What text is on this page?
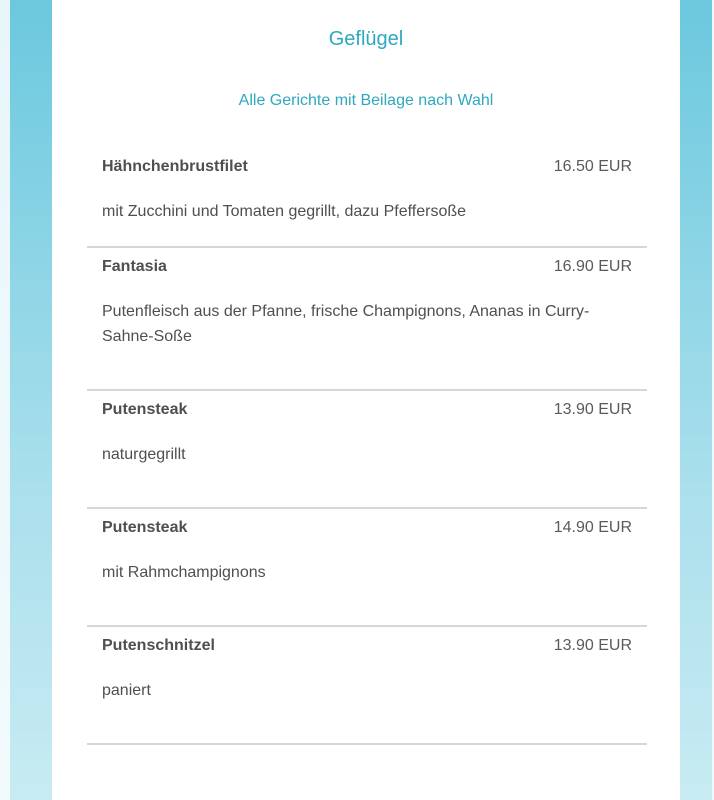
Geflügel
Alle Gerichte mit Beilage nach Wahl
Hähnchenbrustfilet	16.50 EUR
mit Zucchini und Tomaten gegrillt, dazu Pfeffersoße
Fantasia	16.90 EUR
Putenfleisch aus der Pfanne, frische Champignons, Ananas in Curry-Sahne-Soße
Putensteak	13.90 EUR
naturgegrillt
Putensteak	14.90 EUR
mit Rahmchampignons
Putenschnitzel	13.90 EUR
paniert
